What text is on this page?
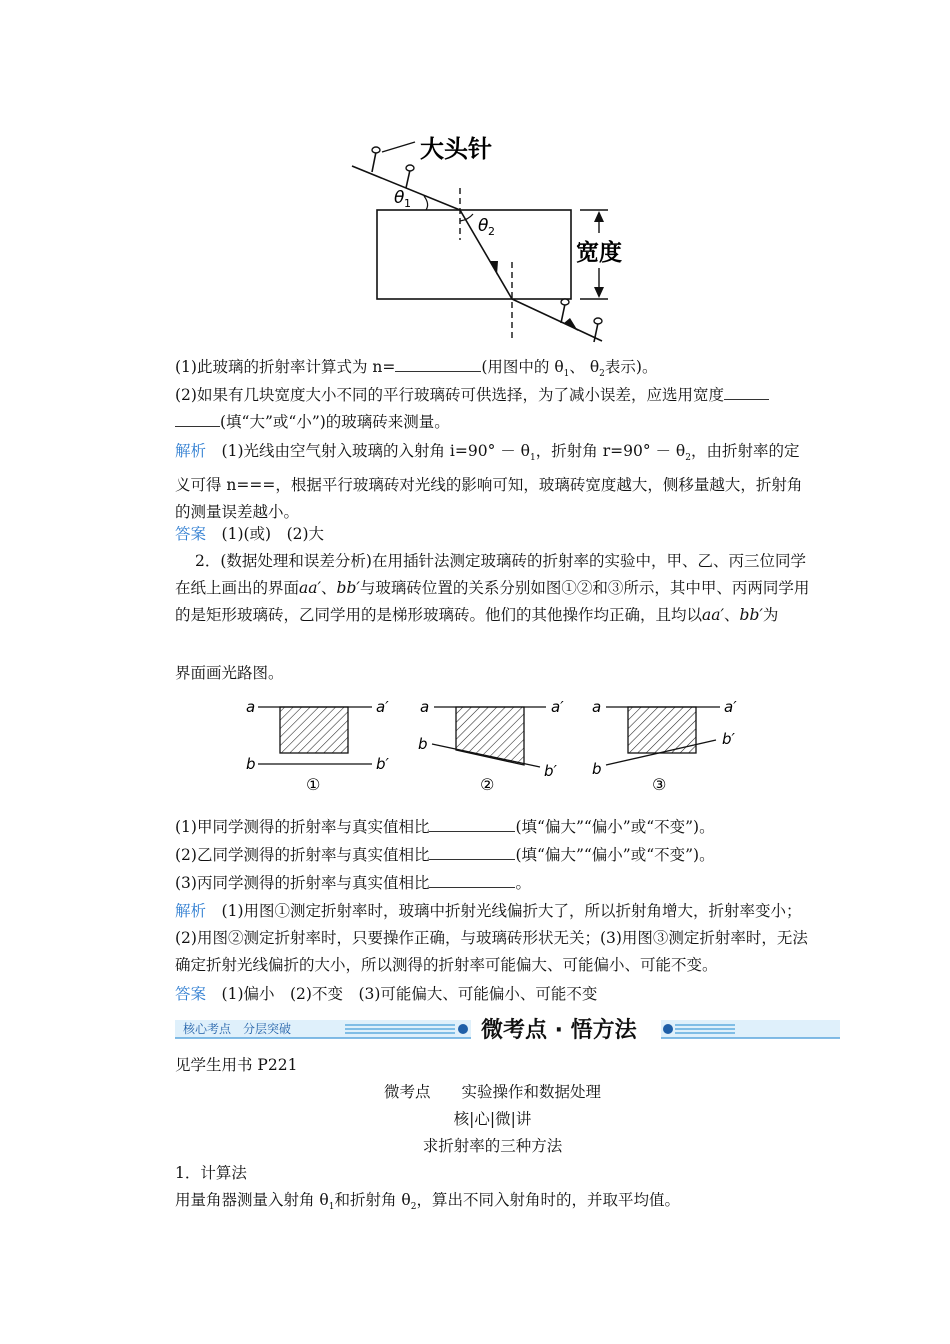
大头针
θ 1
θ 2
宽度

(1)此玻璃的折射率计算式为 n=	(用图中的 $\theta_1$、 $\theta_2$表示)。

(2)如果有几块宽度大小不同的平行玻璃砖可供选择，为了减小误差，应选用宽度
(填“大”或“小”)的玻璃砖来测量。

解析　 (1)光线由空气射入玻璃的入射角 $i=90^\circ - \theta_1$，折射角 $r=90^\circ - \theta_2$，由折射率的定义可得 n===，根据平行玻璃砖对光线的影响可知，玻璃砖宽度越大，侧移量越大，折射角的测量误差越小。

答案　 (1)(或)　(2)大

2．(数据处理和误差分析)在用插针法测定玻璃砖的折射率的实验中，甲、乙、丙三位同学在纸上画出的界面aa′、bb′与玻璃砖位置的关系分别如图①②和③所示，其中甲、丙两同学用的是矩形玻璃砖，乙同学用的是梯形玻璃砖。他们的其他操作均正确，且均以aa′、bb′为

界面画光路图。

a	a′
b	b′
①
a	a′
b
b′
②
a	a′
b
b′
③

(1)甲同学测得的折射率与真实值相比	(填“偏大”“偏小”或“不变”)。

(2)乙同学测得的折射率与真实值相比	(填“偏大”“偏小”或“不变”)。

(3)丙同学测得的折射率与真实值相比	。

解析　 (1)用图①测定折射率时，玻璃中折射光线偏折大了，所以折射角增大，折射率变小；(2)用图②测定折射率时，只要操作正确，与玻璃砖形状无关；(3)用图③测定折射率时，无法确定折射光线偏折的大小，所以测得的折射率可能偏大、可能偏小、可能不变。

答案　 (1)偏小　(2)不变　(3)可能偏大、可能偏小、可能不变

核心考点　分层突破	微考点 · 悟方法

见学生用书 P221

微考点　　实验操作和数据处理

核|心|微|讲

求折射率的三种方法

1．计算法

用量角器测量入射角 $\theta_1$和折射角 $\theta_2$，算出不同入射角时的，并取平均值。
